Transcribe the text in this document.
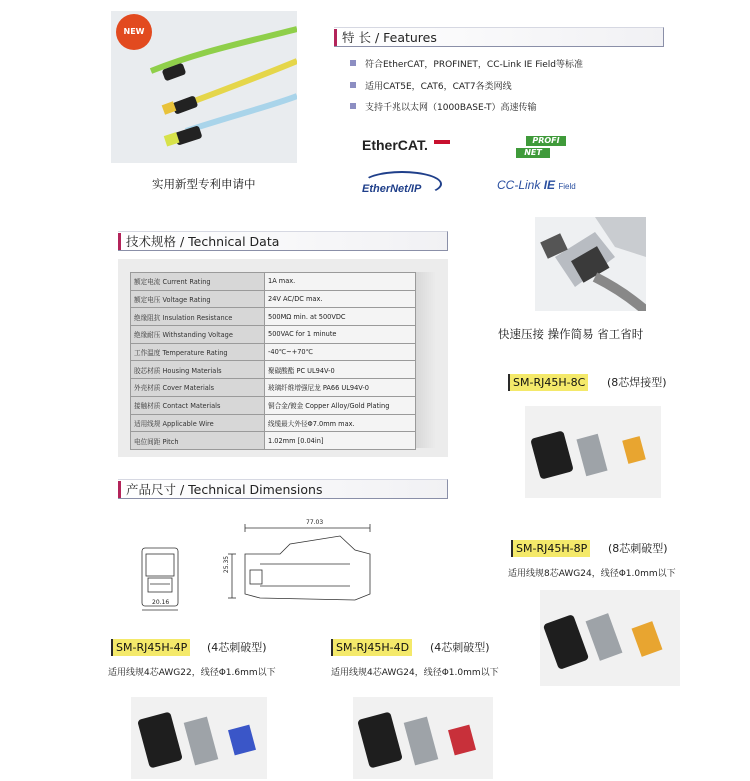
NEW
实用新型专利申请中
特 长 / Features
符合EtherCAT，PROFINET，CC-Link IE Field等标准
适用CAT5E，CAT6，CAT7各类网线
支持千兆以太网（1000BASE-T）高速传输
EtherCAT.	PROFI
NET
EtherNet/IP	CC-Link IE Field
技术规格 / Technical Data
额定电流 Current Rating	1A max.
额定电压 Voltage Rating	24V AC/DC max.
绝缘阻抗 Insulation Resistance	500MΩ min. at 500VDC
绝缘耐压 Withstanding Voltage	500VAC for 1 minute
工作温度 Temperature Rating	-40℃~+70℃
胶芯材质 Housing Materials	聚碳酸酯 PC UL94V-0
外壳材质 Cover Materials	玻璃纤维增强尼龙 PA66 UL94V-0
接触材质 Contact Materials	铜合金/镀金 Copper Alloy/Gold Plating
适用线规 Applicable Wire	线缆最大外径Φ7.0mm max.
电位间距 Pitch	1.02mm [0.04in]
快速压接 操作简易 省工省时
SM-RJ45H-8C (8芯焊接型)
产品尺寸 / Technical Dimensions
77.03
25.35
20.16
SM-RJ45H-8P (8芯刺破型)
适用线规8芯AWG24，线径Φ1.0mm以下
SM-RJ45H-4P (4芯刺破型)
适用线规4芯AWG22，线径Φ1.6mm以下
SM-RJ45H-4D (4芯刺破型)
适用线规4芯AWG24，线径Φ1.0mm以下
